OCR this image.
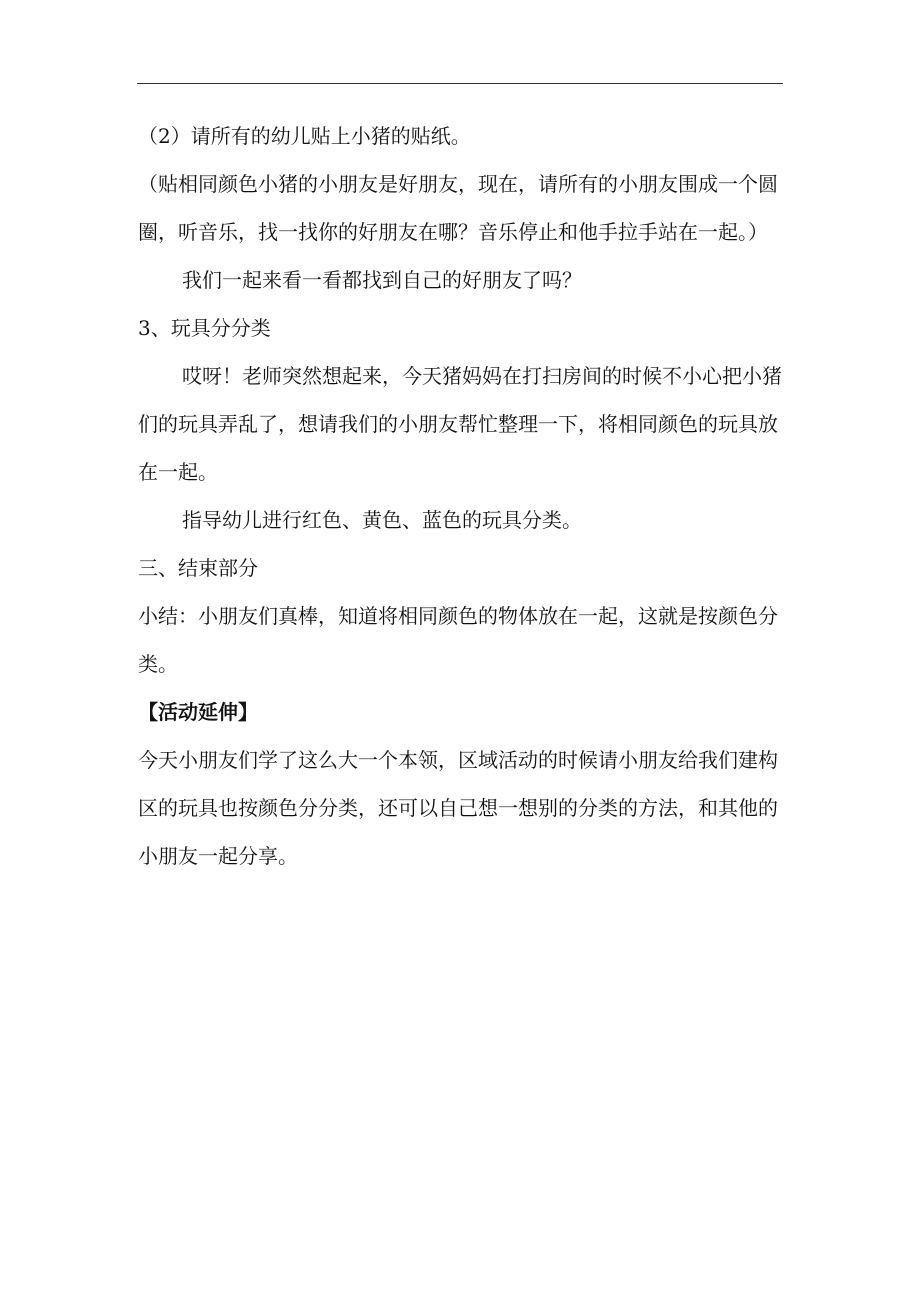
（2）请所有的幼儿贴上小猪的贴纸。

（贴相同颜色小猪的小朋友是好朋友，现在，请所有的小朋友围成一个圆圈，听音乐，找一找你的好朋友在哪？音乐停止和他手拉手站在一起。）

我们一起来看一看都找到自己的好朋友了吗？

3、玩具分分类

哎呀！老师突然想起来，今天猪妈妈在打扫房间的时候不小心把小猪们的玩具弄乱了，想请我们的小朋友帮忙整理一下，将相同颜色的玩具放在一起。

指导幼儿进行红色、黄色、蓝色的玩具分类。

三、结束部分

小结：小朋友们真棒，知道将相同颜色的物体放在一起，这就是按颜色分类。

【活动延伸】

今天小朋友们学了这么大一个本领，区域活动的时候请小朋友给我们建构区的玩具也按颜色分分类，还可以自己想一想别的分类的方法，和其他的小朋友一起分享。
